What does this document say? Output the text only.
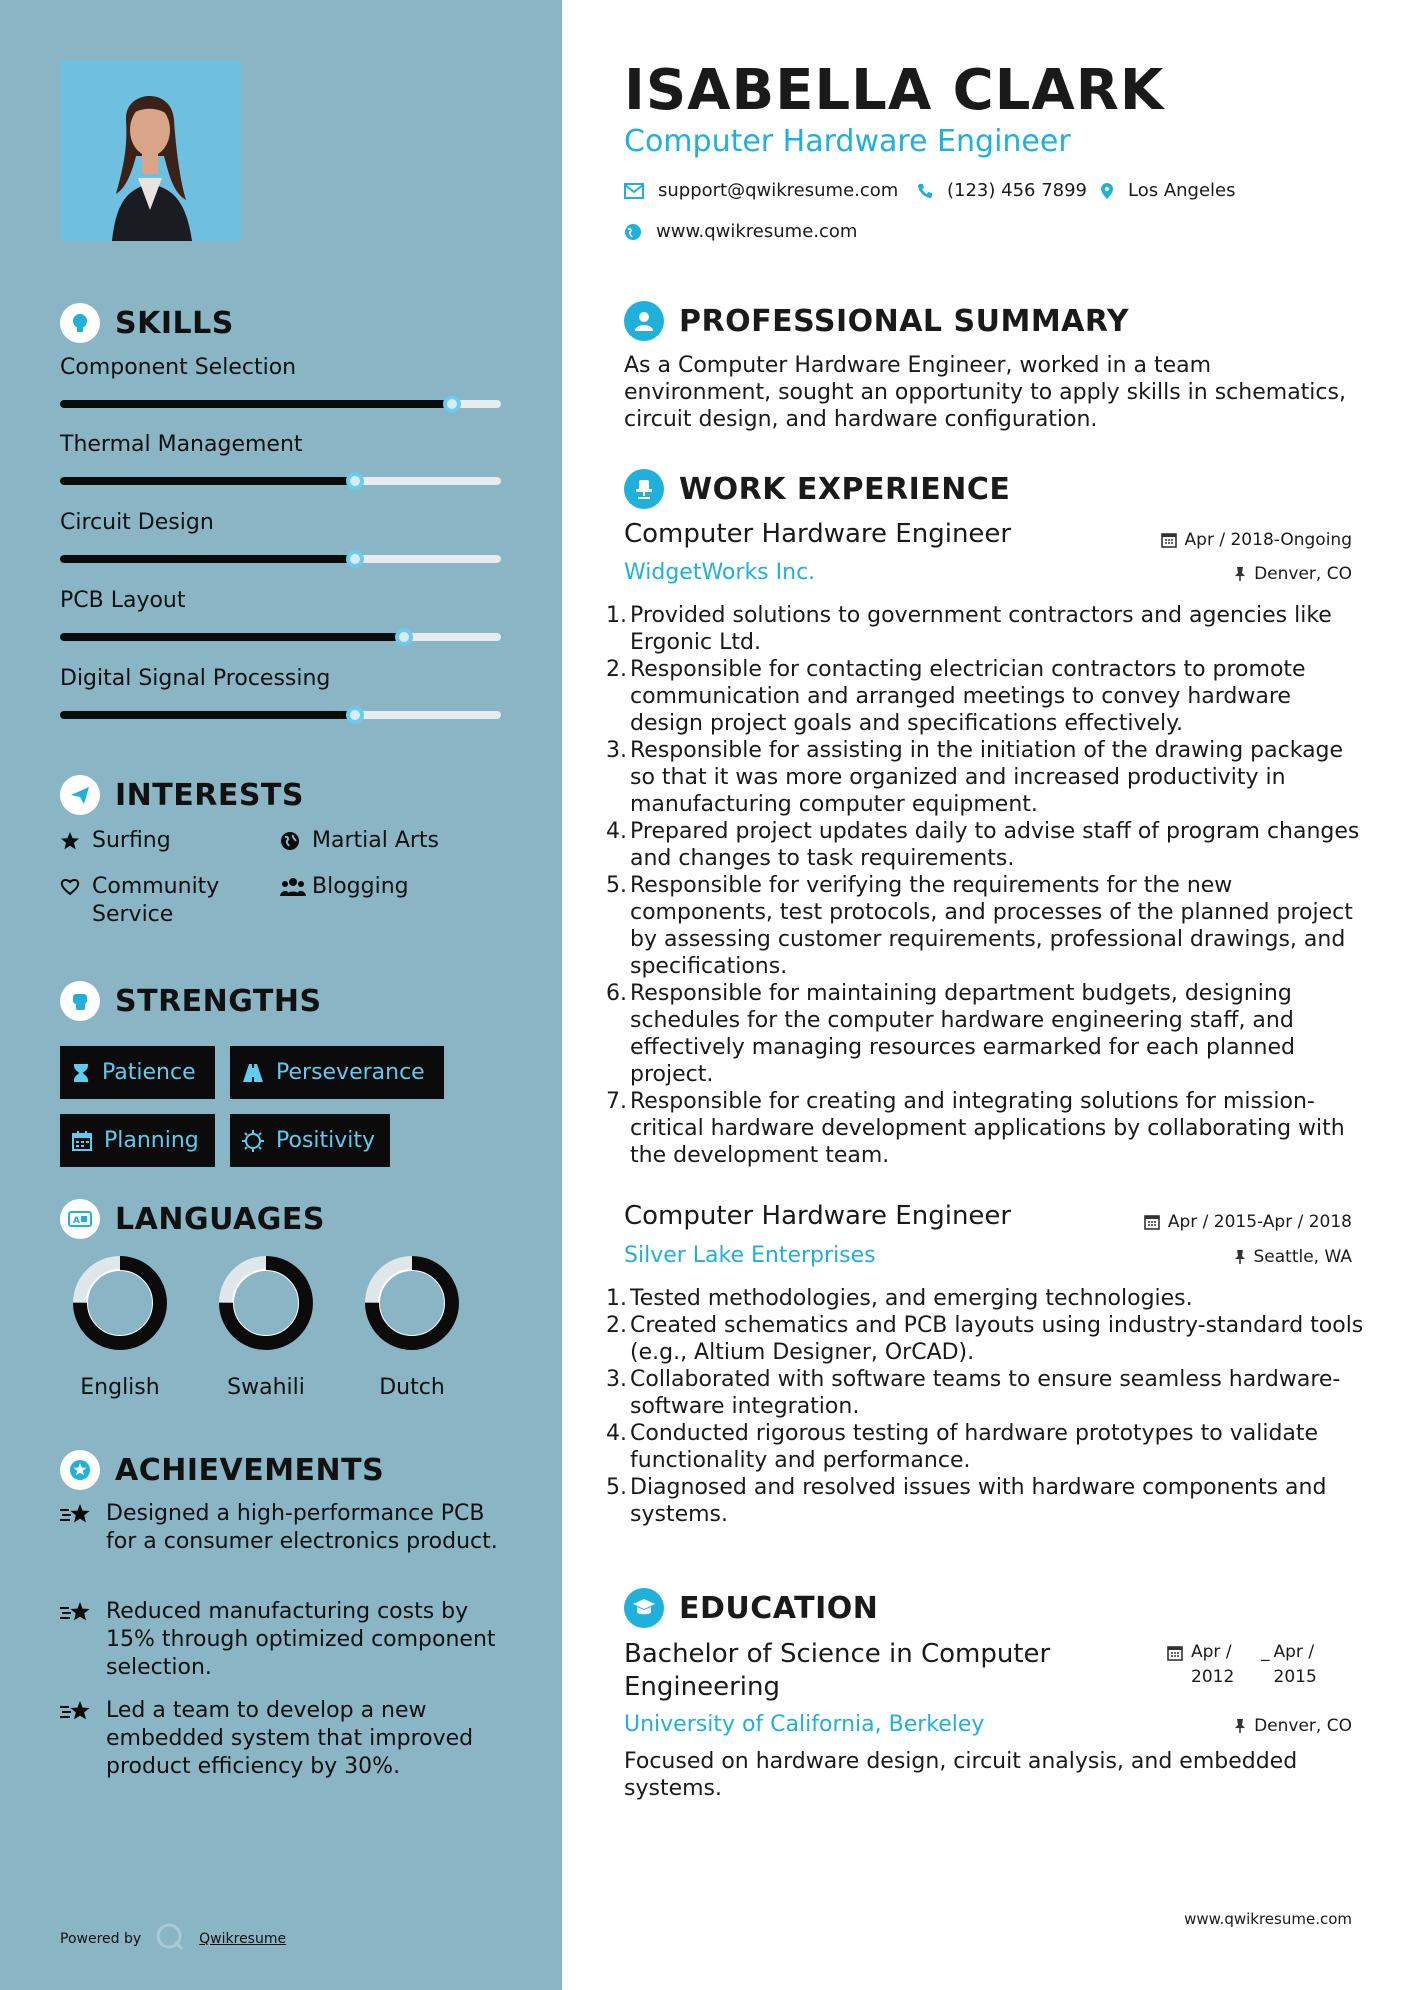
SKILLS
Component Selection
Thermal Management
Circuit Design
PCB Layout
Digital Signal Processing
INTERESTS
Surfing	Martial Arts
Community Service
Blogging
STRENGTHS
Patience	Perseverance
Planning	Positivity
A LANGUAGES
English	Swahili	Dutch
ACHIEVEMENTS
Designed a high-performance PCB for a consumer electronics product.
Reduced manufacturing costs by 15% through optimized component selection.
Led a team to develop a new embedded system that improved product efficiency by 30%.
Powered by	Qwikresume
ISABELLA CLARK
Computer Hardware Engineer
support@qwikresume.com	(123) 456 7899 Los Angeles
www.qwikresume.com
PROFESSIONAL SUMMARY
As a Computer Hardware Engineer, worked in a team environment, sought an opportunity to apply skills in schematics, circuit design, and hardware configuration.
WORK EXPERIENCE
Computer Hardware Engineer	Apr / 2018-Ongoing
WidgetWorks Inc.	Denver, CO
1. Provided solutions to government contractors and agencies like Ergonic Ltd.
2. Responsible for contacting electrician contractors to promote communication and arranged meetings to convey hardware design project goals and specifications effectively.
3. Responsible for assisting in the initiation of the drawing package so that it was more organized and increased productivity in manufacturing computer equipment.
4. Prepared project updates daily to advise staff of program changes and changes to task requirements.
5. Responsible for verifying the requirements for the new components, test protocols, and processes of the planned project by assessing customer requirements, professional drawings, and specifications.
6. Responsible for maintaining department budgets, designing schedules for the computer hardware engineering staff, and effectively managing resources earmarked for each planned project.
7. Responsible for creating and integrating solutions for mission-critical hardware development applications by collaborating with the development team.
Computer Hardware Engineer	Apr / 2015-Apr / 2018
Silver Lake Enterprises	Seattle, WA
1. Tested methodologies, and emerging technologies.
2. Created schematics and PCB layouts using industry-standard tools (e.g., Altium Designer, OrCAD).
3. Collaborated with software teams to ensure seamless hardware-software integration.
4. Conducted rigorous testing of hardware prototypes to validate functionality and performance.
5. Diagnosed and resolved issues with hardware components and systems.
EDUCATION
Bachelor of Science in Computer Engineering
Apr / 2012
_ Apr / 2015
University of California, Berkeley	Denver, CO
Focused on hardware design, circuit analysis, and embedded systems.
www.qwikresume.com
